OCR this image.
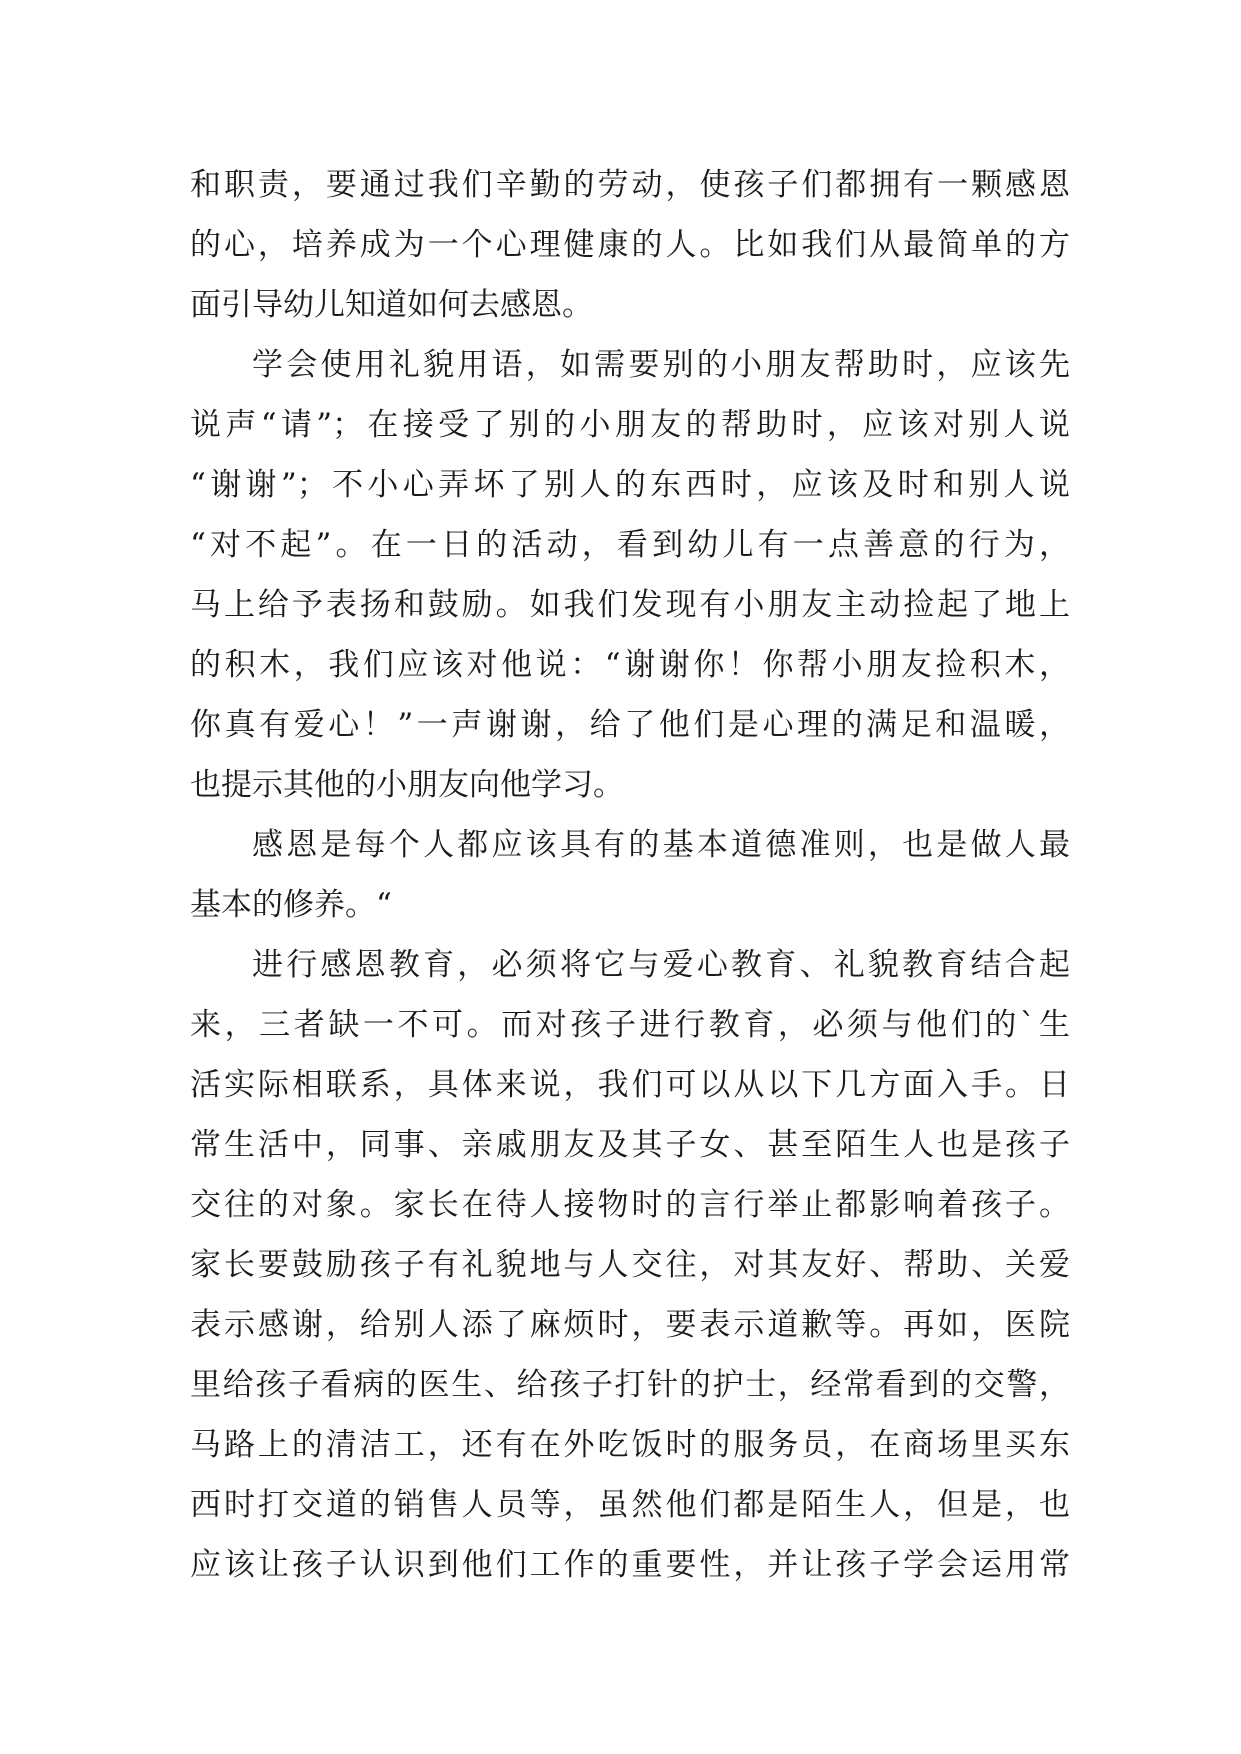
和职责，要通过我们辛勤的劳动，使孩子们都拥有一颗感恩
的心，培养成为一个心理健康的人。比如我们从最简单的方
面引导幼儿知道如何去感恩。
学会使用礼貌用语，如需要别的小朋友帮助时，应该先
说声“请”；在接受了别的小朋友的帮助时，应该对别人说
“谢谢”；不小心弄坏了别人的东西时，应该及时和别人说
“对不起”。在一日的活动，看到幼儿有一点善意的行为，
马上给予表扬和鼓励。如我们发现有小朋友主动捡起了地上
的积木，我们应该对他说：“谢谢你！你帮小朋友捡积木，
你真有爱心！”一声谢谢，给了他们是心理的满足和温暖，
也提示其他的小朋友向他学习。
感恩是每个人都应该具有的基本道德准则，也是做人最
基本的修养。“
进行感恩教育，必须将它与爱心教育、礼貌教育结合起
来，三者缺一不可。而对孩子进行教育，必须与他们的`生
活实际相联系，具体来说，我们可以从以下几方面入手。日
常生活中，同事、亲戚朋友及其子女、甚至陌生人也是孩子
交往的对象。家长在待人接物时的言行举止都影响着孩子。
家长要鼓励孩子有礼貌地与人交往，对其友好、帮助、关爱
表示感谢，给别人添了麻烦时，要表示道歉等。再如，医院
里给孩子看病的医生、给孩子打针的护士，经常看到的交警，
马路上的清洁工，还有在外吃饭时的服务员，在商场里买东
西时打交道的销售人员等，虽然他们都是陌生人，但是，也
应该让孩子认识到他们工作的重要性，并让孩子学会运用常
